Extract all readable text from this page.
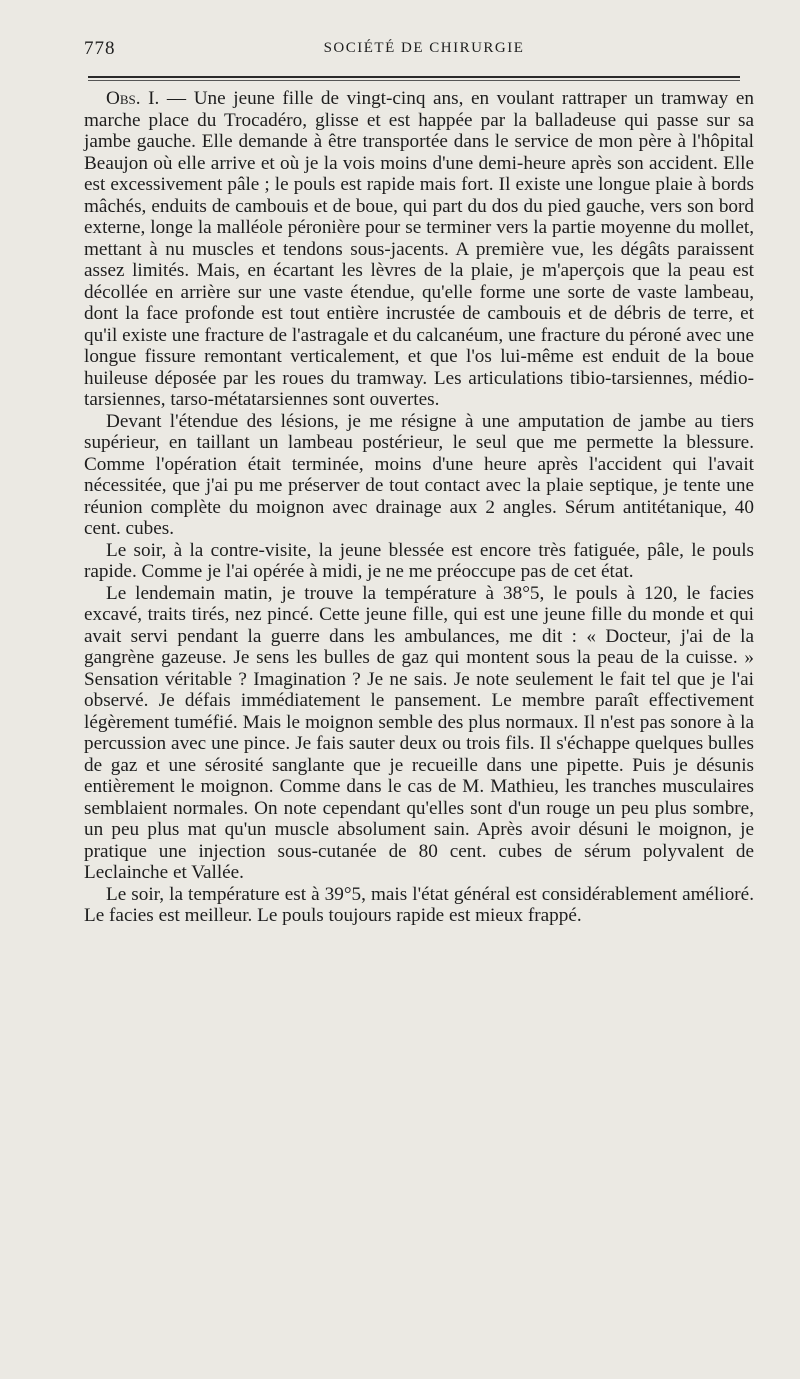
778	SOCIÉTÉ DE CHIRURGIE

Obs. I. — Une jeune fille de vingt-cinq ans, en voulant rattraper un tramway en marche place du Trocadéro, glisse et est happée par la balladeuse qui passe sur sa jambe gauche. Elle demande à être transportée dans le service de mon père à l'hôpital Beaujon où elle arrive et où je la vois moins d'une demi-heure après son accident. Elle est excessivement pâle ; le pouls est rapide mais fort. Il existe une longue plaie à bords mâchés, enduits de cambouis et de boue, qui part du dos du pied gauche, vers son bord externe, longe la malléole péronière pour se terminer vers la partie moyenne du mollet, mettant à nu muscles et tendons sous-jacents. A première vue, les dégâts paraissent assez limités. Mais, en écartant les lèvres de la plaie, je m'aperçois que la peau est décollée en arrière sur une vaste étendue, qu'elle forme une sorte de vaste lambeau, dont la face profonde est tout entière incrustée de cambouis et de débris de terre, et qu'il existe une fracture de l'astragale et du calcanéum, une fracture du péroné avec une longue fissure remontant verticalement, et que l'os lui-même est enduit de la boue huileuse déposée par les roues du tramway. Les articulations tibio-tarsiennes, médio-tarsiennes, tarso-métatarsiennes sont ouvertes.

Devant l'étendue des lésions, je me résigne à une amputation de jambe au tiers supérieur, en taillant un lambeau postérieur, le seul que me permette la blessure. Comme l'opération était terminée, moins d'une heure après l'accident qui l'avait nécessitée, que j'ai pu me préserver de tout contact avec la plaie septique, je tente une réunion complète du moignon avec drainage aux 2 angles. Sérum antitétanique, 40 cent. cubes.

Le soir, à la contre-visite, la jeune blessée est encore très fatiguée, pâle, le pouls rapide. Comme je l'ai opérée à midi, je ne me préoccupe pas de cet état.

Le lendemain matin, je trouve la température à 38°5, le pouls à 120, le facies excavé, traits tirés, nez pincé. Cette jeune fille, qui est une jeune fille du monde et qui avait servi pendant la guerre dans les ambulances, me dit : « Docteur, j'ai de la gangrène gazeuse. Je sens les bulles de gaz qui montent sous la peau de la cuisse. » Sensation véritable ? Imagination ? Je ne sais. Je note seulement le fait tel que je l'ai observé. Je défais immédiatement le pansement. Le membre paraît effectivement légèrement tuméfié. Mais le moignon semble des plus normaux. Il n'est pas sonore à la percussion avec une pince. Je fais sauter deux ou trois fils. Il s'échappe quelques bulles de gaz et une sérosité sanglante que je recueille dans une pipette. Puis je désunis entièrement le moignon. Comme dans le cas de M. Mathieu, les tranches musculaires semblaient normales. On note cependant qu'elles sont d'un rouge un peu plus sombre, un peu plus mat qu'un muscle absolument sain. Après avoir désuni le moignon, je pratique une injection sous-cutanée de 80 cent. cubes de sérum polyvalent de Leclainche et Vallée.

Le soir, la température est à 39°5, mais l'état général est considérablement amélioré. Le facies est meilleur. Le pouls toujours rapide est mieux frappé.
